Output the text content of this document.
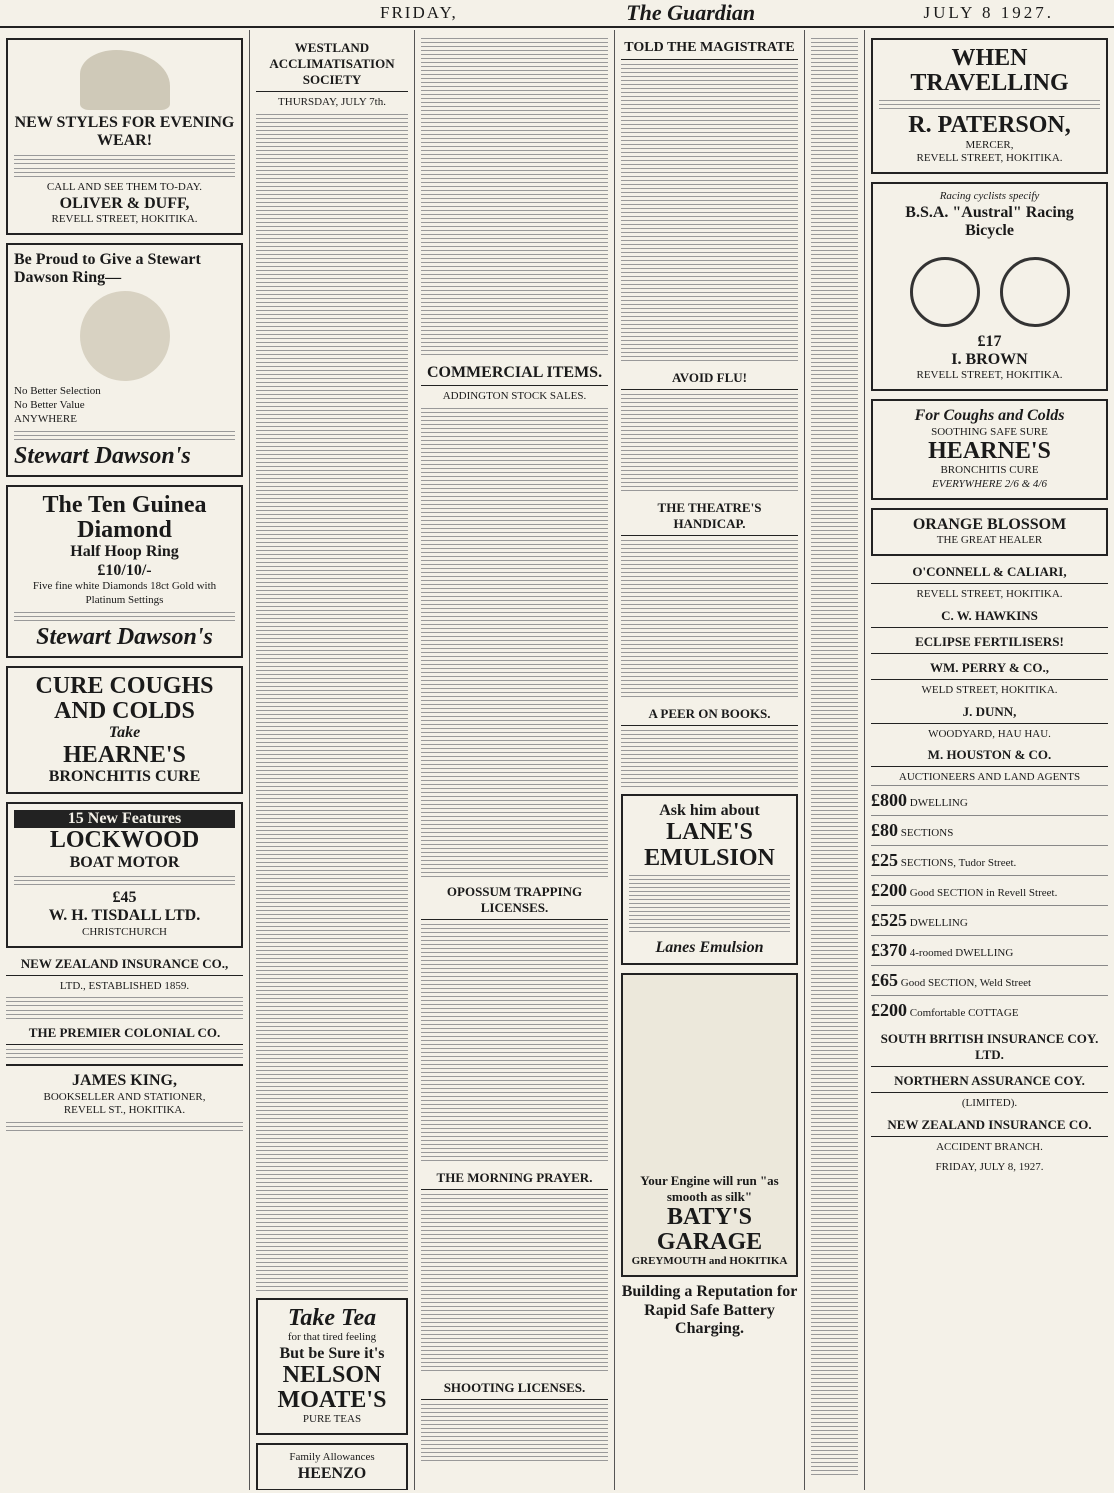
FRIDAY,	The Guardian	JULY 8 1927.
NEW STYLES FOR EVENING WEAR!
CALL AND SEE THEM TO-DAY.
OLIVER & DUFF,
REVELL STREET, HOKITIKA.
Be Proud to Give a Stewart Dawson Ring—
No Better Selection
No Better Value
ANYWHERE
Stewart Dawson's
The Ten Guinea Diamond
Half Hoop Ring
£10/10/-
Five fine white Diamonds 18ct Gold with Platinum Settings
Stewart Dawson's
CURE COUGHS
AND COLDS
Take
HEARNE'S
BRONCHITIS CURE
15 New Features
LOCKWOOD
BOAT MOTOR
£45
W. H. TISDALL LTD.
CHRISTCHURCH
NEW ZEALAND INSURANCE CO.,
LTD., ESTABLISHED 1859.
THE PREMIER COLONIAL CO.
JAMES KING,
BOOKSELLER AND STATIONER,
REVELL ST., HOKITIKA.
WESTLAND ACCLIMATISATION SOCIETY
THURSDAY, JULY 7th.
Take Tea
for that tired feeling
But be Sure it's
NELSON MOATE'S
PURE TEAS
Family Allowances
HEENZO
COMMERCIAL ITEMS.
ADDINGTON STOCK SALES.
OPOSSUM TRAPPING LICENSES.
THE MORNING PRAYER.
SHOOTING LICENSES.
TOLD THE MAGISTRATE
AVOID FLU!
THE THEATRE'S HANDICAP.
A PEER ON BOOKS.
Ask him about
LANE'S EMULSION
Lanes Emulsion
Your Engine will run "as smooth as silk"
BATY'S GARAGE
GREYMOUTH and HOKITIKA
Building a Reputation for Rapid Safe Battery Charging.
WHEN TRAVELLING
R. PATERSON,
MERCER,
REVELL STREET, HOKITIKA.
Racing cyclists specify
B.S.A. "Austral" Racing Bicycle
£17
I. BROWN
REVELL STREET, HOKITIKA.
For Coughs and Colds
SOOTHING SAFE SURE
HEARNE'S
BRONCHITIS CURE
EVERYWHERE 2/6 & 4/6
ORANGE BLOSSOM
THE GREAT HEALER
O'CONNELL & CALIARI,
REVELL STREET, HOKITIKA.
C. W. HAWKINS
ECLIPSE FERTILISERS!
WM. PERRY & CO.,
WELD STREET, HOKITIKA.
J. DUNN,
WOODYARD, HAU HAU.
M. HOUSTON & CO.
AUCTIONEERS AND LAND AGENTS
£800 DWELLING
£80 SECTIONS
£25 SECTIONS, Tudor Street.
£200 Good SECTION in Revell Street.
£525 DWELLING
£370 4-roomed DWELLING
£65 Good SECTION, Weld Street
£200 Comfortable COTTAGE
SOUTH BRITISH INSURANCE COY. LTD.
NORTHERN ASSURANCE COY.
(LIMITED).
NEW ZEALAND INSURANCE CO.
ACCIDENT BRANCH.
FRIDAY, JULY 8, 1927.
